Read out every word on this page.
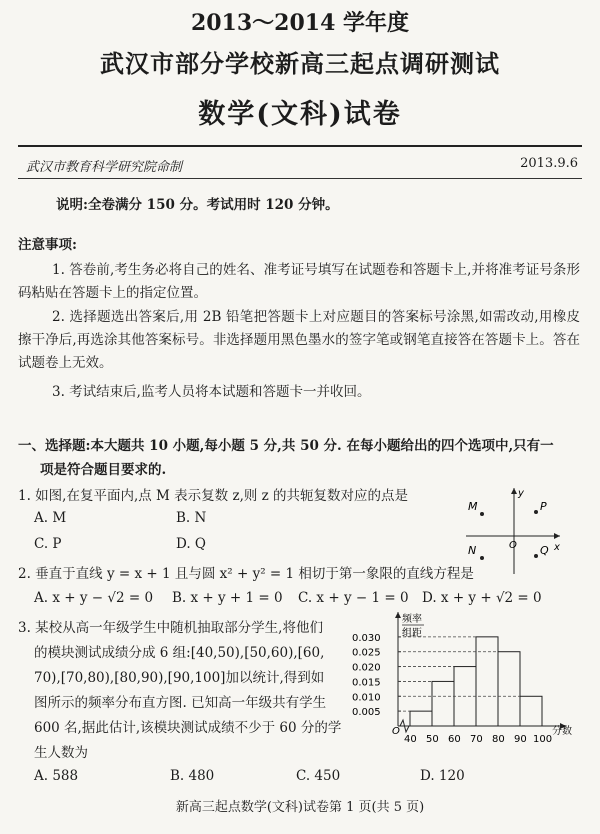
2013～2014 学年度
武汉市部分学校新高三起点调研测试
数学(文科)试卷
武汉市教育科学研究院命制	2013.9.6
说明:全卷满分 150 分。考试用时 120 分钟。
注意事项:
1. 答卷前,考生务必将自己的姓名、准考证号填写在试题卷和答题卡上,并将准考证号条形码粘贴在答题卡上的指定位置。
2. 选择题选出答案后,用 2B 铅笔把答题卡上对应题目的答案标号涂黑,如需改动,用橡皮擦干净后,再选涂其他答案标号。非选择题用黑色墨水的签字笔或钢笔直接答在答题卡上。答在试题卷上无效。
3. 考试结束后,监考人员将本试题和答题卡一并收回。
一、选择题:本大题共 10 小题,每小题 5 分,共 50 分. 在每小题给出的四个选项中,只有一
项是符合题目要求的.
1. 如图,在复平面内,点 M 表示复数 z,则 z 的共轭复数对应的点是
A. M	B. N
C. P	D. Q	x
y
O
M	P
N	Q
2. 垂直于直线 y = x + 1 且与圆 x² + y² = 1 相切于第一象限的直线方程是
A. x + y − √2 = 0 B. x + y + 1 = 0 C. x + y − 1 = 0 D. x + y + √2 = 0
3. 某校从高一年级学生中随机抽取部分学生,将他们
的模块测试成绩分成 6 组:[40,50),[50,60),[60,
70),[70,80),[80,90),[90,100]加以统计,得到如
图所示的频率分布直方图. 已知高一年级共有学生
600 名,据此估计,该模块测试成绩不少于 60 分的学
生人数为
A. 588	B. 480	C. 450	D. 120
频率
组距
分数
O
0.030
0.025
0.020
0.015
0.010
0.005
40 50 60 70 80 90 100
新高三起点数学(文科)试卷第 1 页(共 5 页)
